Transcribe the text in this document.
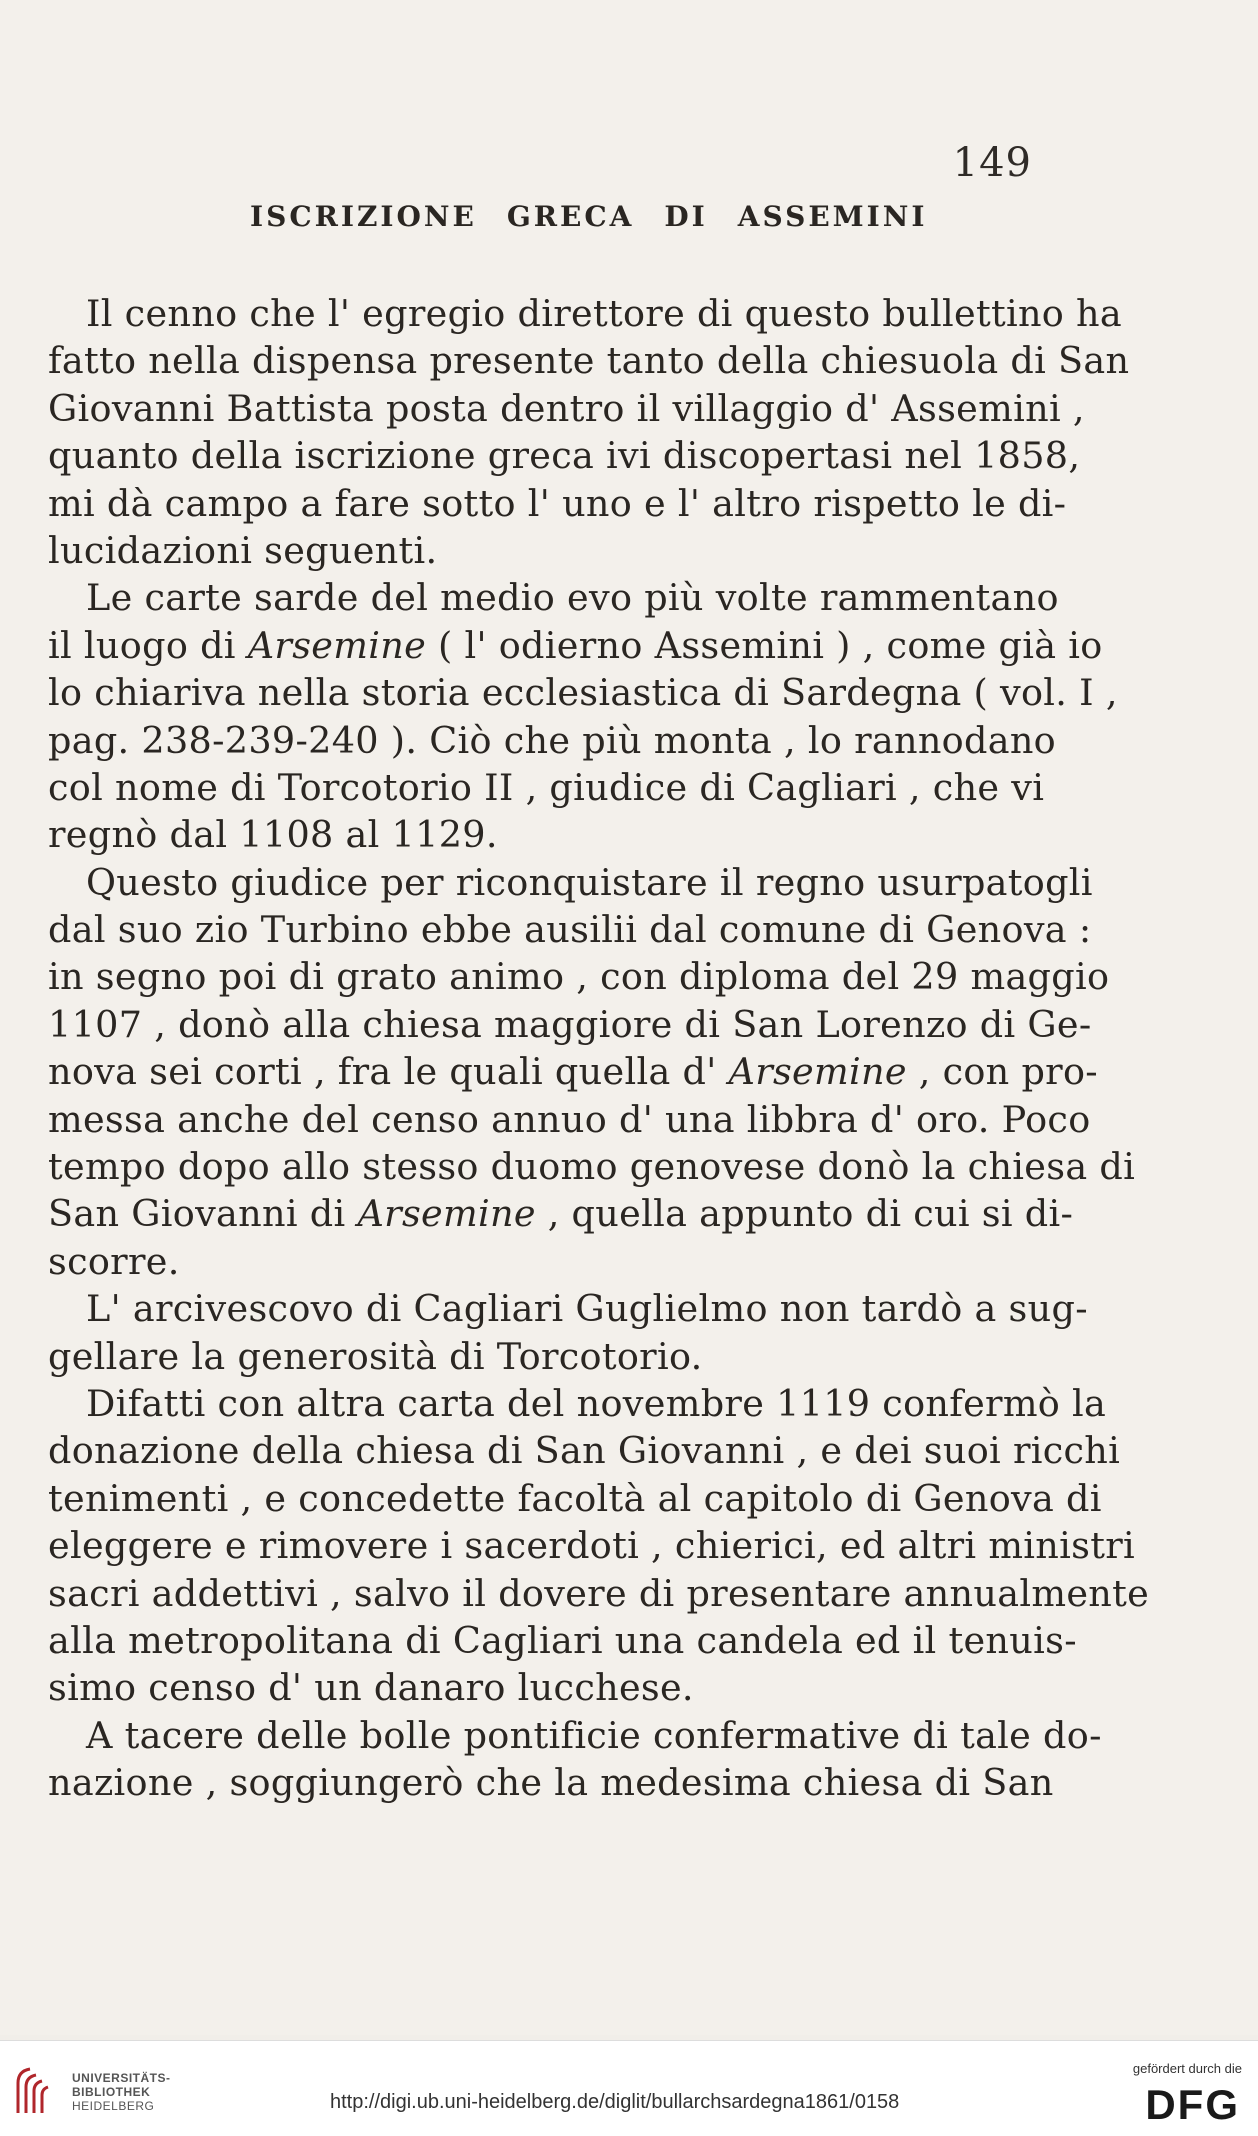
149
ISCRIZIONE GRECA DI ASSEMINI
Il cenno che l' egregio direttore di questo bullettino ha
fatto nella dispensa presente tanto della chiesuola di San
Giovanni Battista posta dentro il villaggio d' Assemini ,
quanto della iscrizione greca ivi discopertasi nel 1858,
mi dà campo a fare sotto l' uno e l' altro rispetto le di-
lucidazioni seguenti.
Le carte sarde del medio evo più volte rammentano
il luogo di Arsemine ( l' odierno Assemini ) , come già io
lo chiariva nella storia ecclesiastica di Sardegna ( vol. I ,
pag. 238-239-240 ). Ciò che più monta , lo rannodano
col nome di Torcotorio II , giudice di Cagliari , che vi
regnò dal 1108 al 1129.
Questo giudice per riconquistare il regno usurpatogli
dal suo zio Turbino ebbe ausilii dal comune di Genova :
in segno poi di grato animo , con diploma del 29 maggio
1107 , donò alla chiesa maggiore di San Lorenzo di Ge-
nova sei corti , fra le quali quella d' Arsemine , con pro-
messa anche del censo annuo d' una libbra d' oro. Poco
tempo dopo allo stesso duomo genovese donò la chiesa di
San Giovanni di Arsemine , quella appunto di cui si di-
scorre.
L' arcivescovo di Cagliari Guglielmo non tardò a sug-
gellare la generosità di Torcotorio.
Difatti con altra carta del novembre 1119 confermò la
donazione della chiesa di San Giovanni , e dei suoi ricchi
tenimenti , e concedette facoltà al capitolo di Genova di
eleggere e rimovere i sacerdoti , chierici, ed altri ministri
sacri addettivi , salvo il dovere di presentare annualmente
alla metropolitana di Cagliari una candela ed il tenuis-
simo censo d' un danaro lucchese.
A tacere delle bolle pontificie confermative di tale do-
nazione , soggiungerò che la medesima chiesa di San
UNIVERSITÄTS-
BIBLIOTHEK
HEIDELBERG	http://digi.ub.uni-heidelberg.de/diglit/bullarchsardegna1861/0158
gefördert durch die
DFG
